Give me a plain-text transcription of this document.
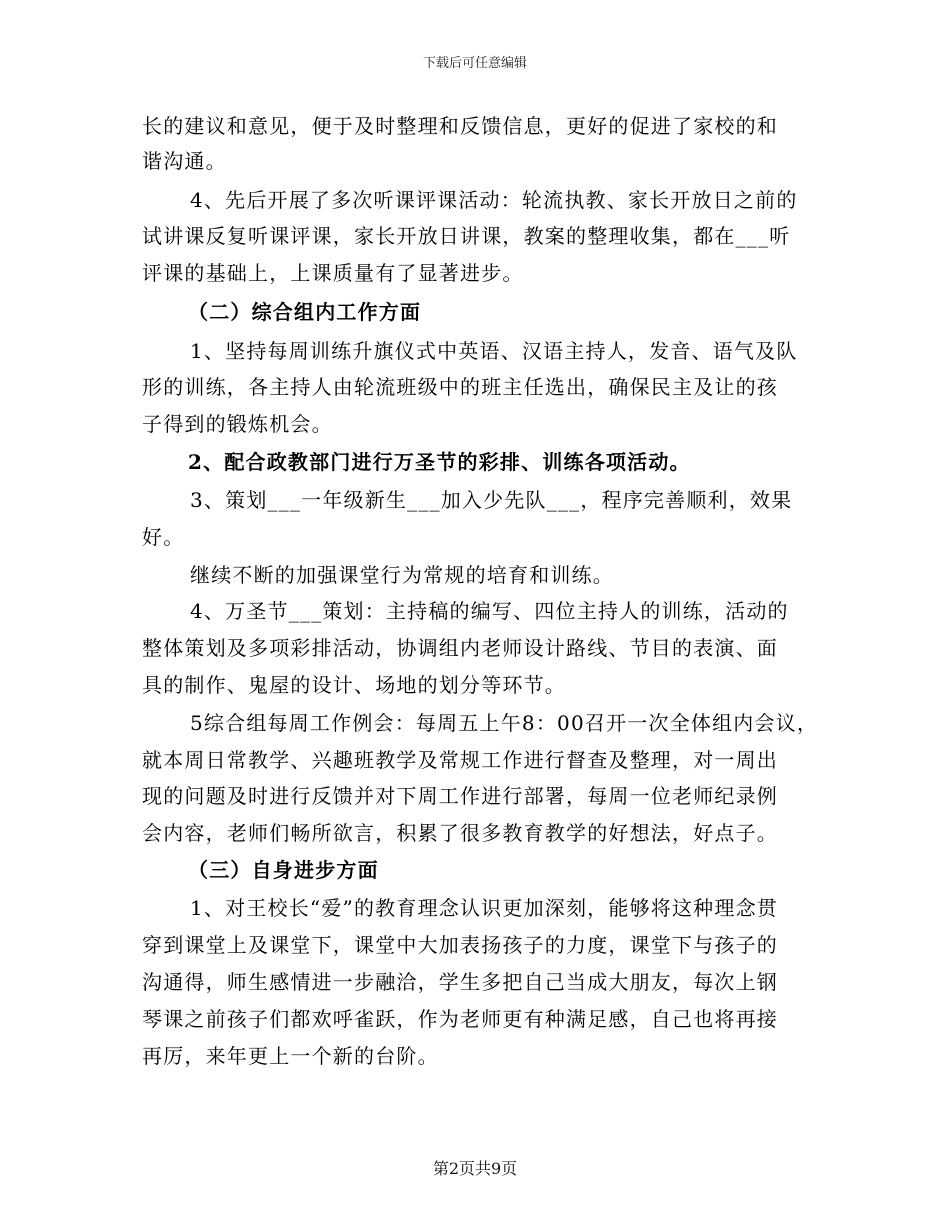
下载后可任意编辑
长的建议和意见，便于及时整理和反馈信息，更好的促进了家校的和
谐沟通。
4、先后开展了多次听课评课活动：轮流执教、家长开放日之前的
试讲课反复听课评课，家长开放日讲课，教案的整理收集，都在___听
评课的基础上，上课质量有了显著进步。
（二）综合组内工作方面
1、坚持每周训练升旗仪式中英语、汉语主持人，发音、语气及队
形的训练，各主持人由轮流班级中的班主任选出，确保民主及让的孩
子得到的锻炼机会。
2、配合政教部门进行万圣节的彩排、训练各项活动。
3、策划___一年级新生___加入少先队___，程序完善顺利，效果
好。
继续不断的加强课堂行为常规的培育和训练。
4、万圣节___策划：主持稿的编写、四位主持人的训练，活动的
整体策划及多项彩排活动，协调组内老师设计路线、节目的表演、面
具的制作、鬼屋的设计、场地的划分等环节。
5综合组每周工作例会：每周五上午8：00召开一次全体组内会议，
就本周日常教学、兴趣班教学及常规工作进行督查及整理，对一周出
现的问题及时进行反馈并对下周工作进行部署，每周一位老师纪录例
会内容，老师们畅所欲言，积累了很多教育教学的好想法，好点子。
（三）自身进步方面
1、对王校长“爱”的教育理念认识更加深刻，能够将这种理念贯
穿到课堂上及课堂下，课堂中大加表扬孩子的力度，课堂下与孩子的
沟通得，师生感情进一步融洽，学生多把自己当成大朋友，每次上钢
琴课之前孩子们都欢呼雀跃，作为老师更有种满足感，自己也将再接
再厉，来年更上一个新的台阶。
第2页共9页
